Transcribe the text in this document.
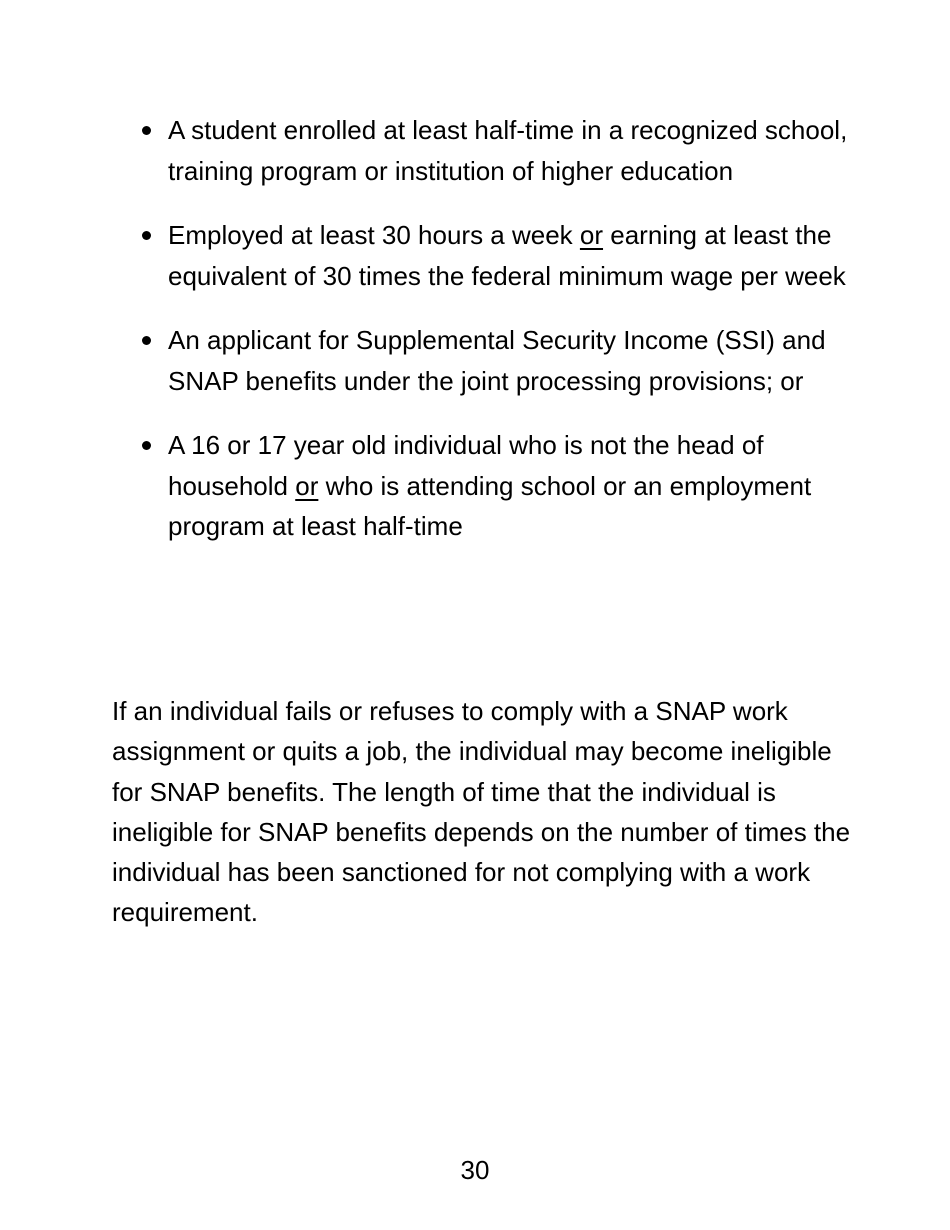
A student enrolled at least half-time in a recognized school, training program or institution of higher education
Employed at least 30 hours a week or earning at least the equivalent of 30 times the federal minimum wage per week
An applicant for Supplemental Security Income (SSI) and SNAP benefits under the joint processing provisions; or
A 16 or 17 year old individual who is not the head of household or who is attending school or an employment program at least half-time

If an individual fails or refuses to comply with a SNAP work assignment or quits a job, the individual may become ineligible for SNAP benefits. The length of time that the individual is ineligible for SNAP benefits depends on the number of times the individual has been sanctioned for not complying with a work requirement.

30
